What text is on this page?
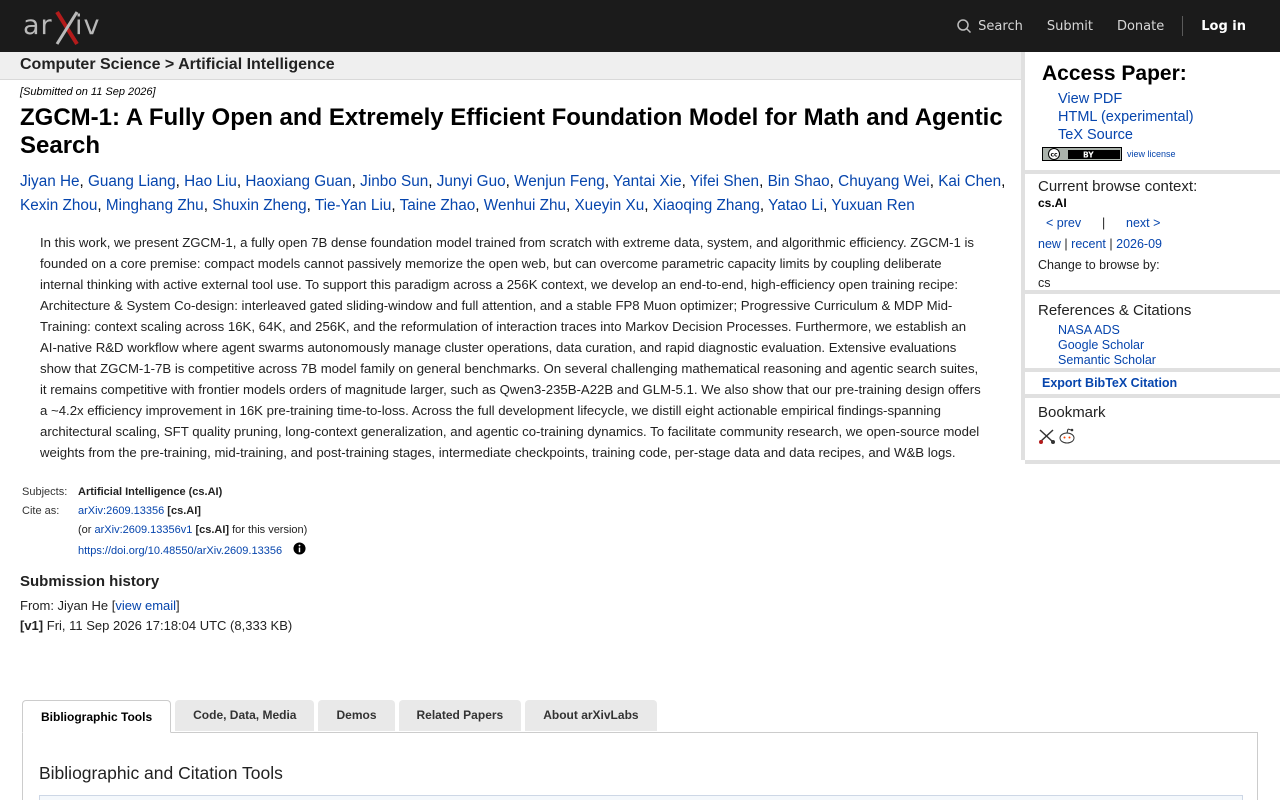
ar iv	Search Submit Donate	Log in
Computer Science > Artificial Intelligence
[Submitted on 11 Sep 2026]
ZGCM-1: A Fully Open and Extremely Efficient Foundation Model for Math and Agentic Search
Jiyan He, Guang Liang, Hao Liu, Haoxiang Guan, Jinbo Sun, Junyi Guo, Wenjun Feng, Yantai Xie, Yifei Shen, Bin Shao, Chuyang Wei, Kai Chen, Kexin Zhou, Minghang Zhu, Shuxin Zheng, Tie-Yan Liu, Taine Zhao, Wenhui Zhu, Xueyin Xu, Xiaoqing Zhang, Yatao Li, Yuxuan Ren
In this work, we present ZGCM-1, a fully open 7B dense foundation model trained from scratch with extreme data, system, and algorithmic efficiency. ZGCM-1 is founded on a core premise: compact models cannot passively memorize the open web, but can overcome parametric capacity limits by coupling deliberate internal thinking with active external tool use. To support this paradigm across a 256K context, we develop an end-to-end, high-efficiency open training recipe: Architecture & System Co-design: interleaved gated sliding-window and full attention, and a stable FP8 Muon optimizer; Progressive Curriculum & MDP Mid-Training: context scaling across 16K, 64K, and 256K, and the reformulation of interaction traces into Markov Decision Processes. Furthermore, we establish an AI-native R&D workflow where agent swarms autonomously manage cluster operations, data curation, and rapid diagnostic evaluation. Extensive evaluations show that ZGCM-1-7B is competitive across 7B model family on general benchmarks. On several challenging mathematical reasoning and agentic search suites, it remains competitive with frontier models orders of magnitude larger, such as Qwen3-235B-A22B and GLM-5.1. We also show that our pre-training design offers a ~4.2x efficiency improvement in 16K pre-training time-to-loss. Across the full development lifecycle, we distill eight actionable empirical findings-spanning architectural scaling, SFT quality pruning, long-context generalization, and agentic co-training dynamics. To facilitate community research, we open-source model weights from the pre-training, mid-training, and post-training stages, intermediate checkpoints, training code, per-stage data and data recipes, and W&B logs.
Subjects:	Artificial Intelligence (cs.AI)
Cite as:	arXiv:2609.13356 [cs.AI]
	(or arXiv:2609.13356v1 [cs.AI] for this version)
	https://doi.org/10.48550/arXiv.2609.13356
Submission history
From: Jiyan He [view email]
[v1] Fri, 11 Sep 2026 17:18:04 UTC (8,333 KB)
Bibliographic Tools	Code, Data, Media	Demos	Related Papers	About arXivLabs
Bibliographic and Citation Tools
Access Paper:
View PDF
HTML (experimental)
TeX Source
cc	BY	view license
Current browse context:
cs.AI
< prev | next >
new | recent | 2026-09
Change to browse by:
cs
References & Citations
NASA ADS
Google Scholar
Semantic Scholar
Export BibTeX Citation
Bookmark
